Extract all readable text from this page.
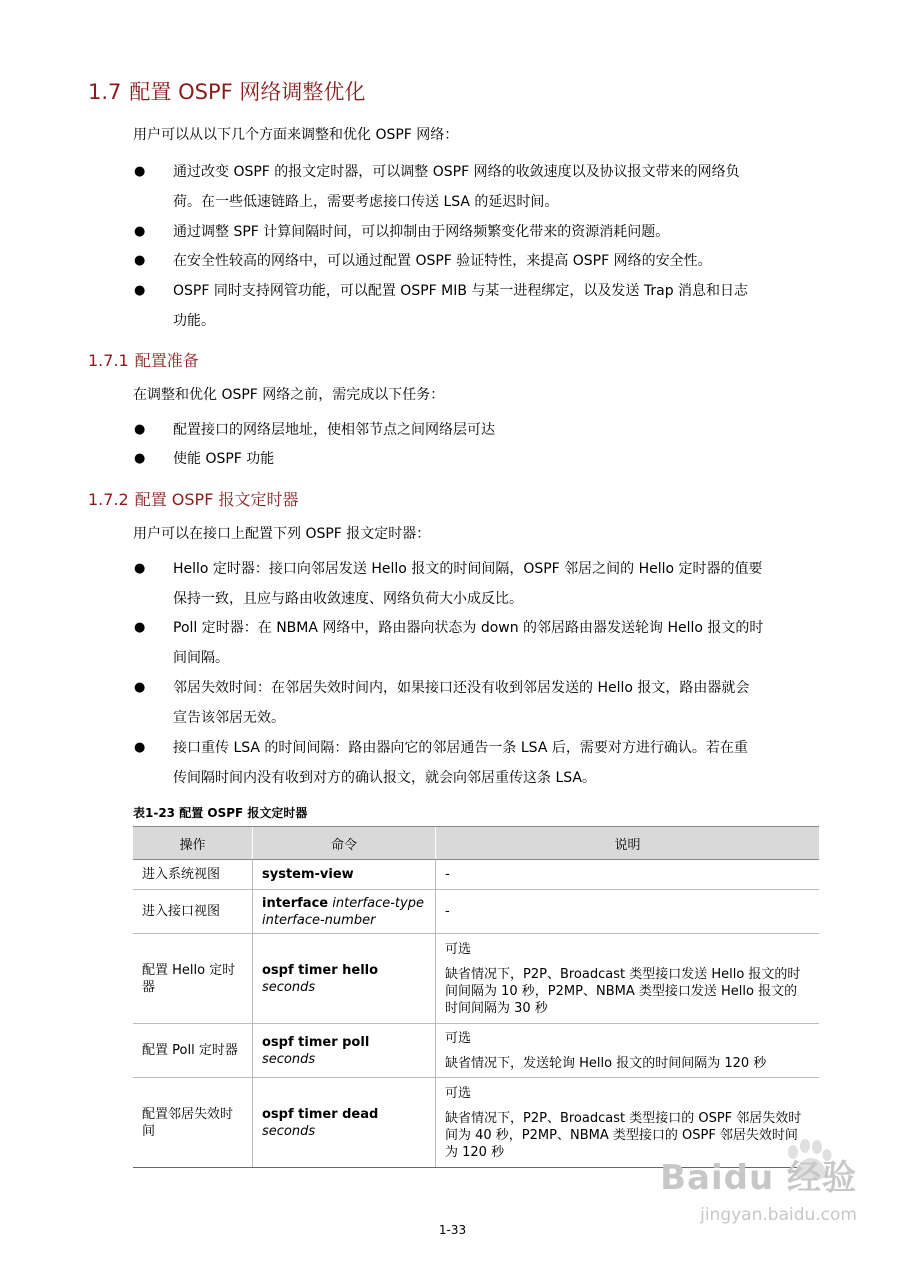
1.7 配置 OSPF 网络调整优化
用户可以从以下几个方面来调整和优化 OSPF 网络：
● 通过改变 OSPF 的报文定时器，可以调整 OSPF 网络的收敛速度以及协议报文带来的网络负
荷。在一些低速链路上，需要考虑接口传送 LSA 的延迟时间。
● 通过调整 SPF 计算间隔时间，可以抑制由于网络频繁变化带来的资源消耗问题。
● 在安全性较高的网络中，可以通过配置 OSPF 验证特性，来提高 OSPF 网络的安全性。
● OSPF 同时支持网管功能，可以配置 OSPF MIB 与某一进程绑定，以及发送 Trap 消息和日志
功能。
1.7.1 配置准备
在调整和优化 OSPF 网络之前，需完成以下任务：
● 配置接口的网络层地址，使相邻节点之间网络层可达
● 使能 OSPF 功能
1.7.2 配置 OSPF 报文定时器
用户可以在接口上配置下列 OSPF 报文定时器：
● Hello 定时器：接口向邻居发送 Hello 报文的时间间隔，OSPF 邻居之间的 Hello 定时器的值要
保持一致，且应与路由收敛速度、网络负荷大小成反比。
● Poll 定时器：在 NBMA 网络中，路由器向状态为 down 的邻居路由器发送轮询 Hello 报文的时
间间隔。
● 邻居失效时间：在邻居失效时间内，如果接口还没有收到邻居发送的 Hello 报文，路由器就会
宣告该邻居无效。
● 接口重传 LSA 的时间间隔：路由器向它的邻居通告一条 LSA 后，需要对方进行确认。若在重
传间隔时间内没有收到对方的确认报文，就会向邻居重传这条 LSA。
表1-23 配置 OSPF 报文定时器
操作	命令	说明
进入系统视图	system-view	-
进入接口视图	interface interface-type
interface-number	-
配置 Hello 定时器	ospf timer hello seconds	可选
缺省情况下，P2P、Broadcast 类型接口发送 Hello 报文的时间间隔为 10 秒，P2MP、NBMA 类型接口发送 Hello 报文的时间间隔为 30 秒

配置 Poll 定时器	ospf timer poll seconds	可选
缺省情况下，发送轮询 Hello 报文的时间间隔为 120 秒

配置邻居失效时间	ospf timer dead seconds	可选
缺省情况下，P2P、Broadcast 类型接口的 OSPF 邻居失效时间为 40 秒，P2MP、NBMA 类型接口的 OSPF 邻居失效时间为 120 秒
1-33
Baidu 经验
jingyan.baidu.com
